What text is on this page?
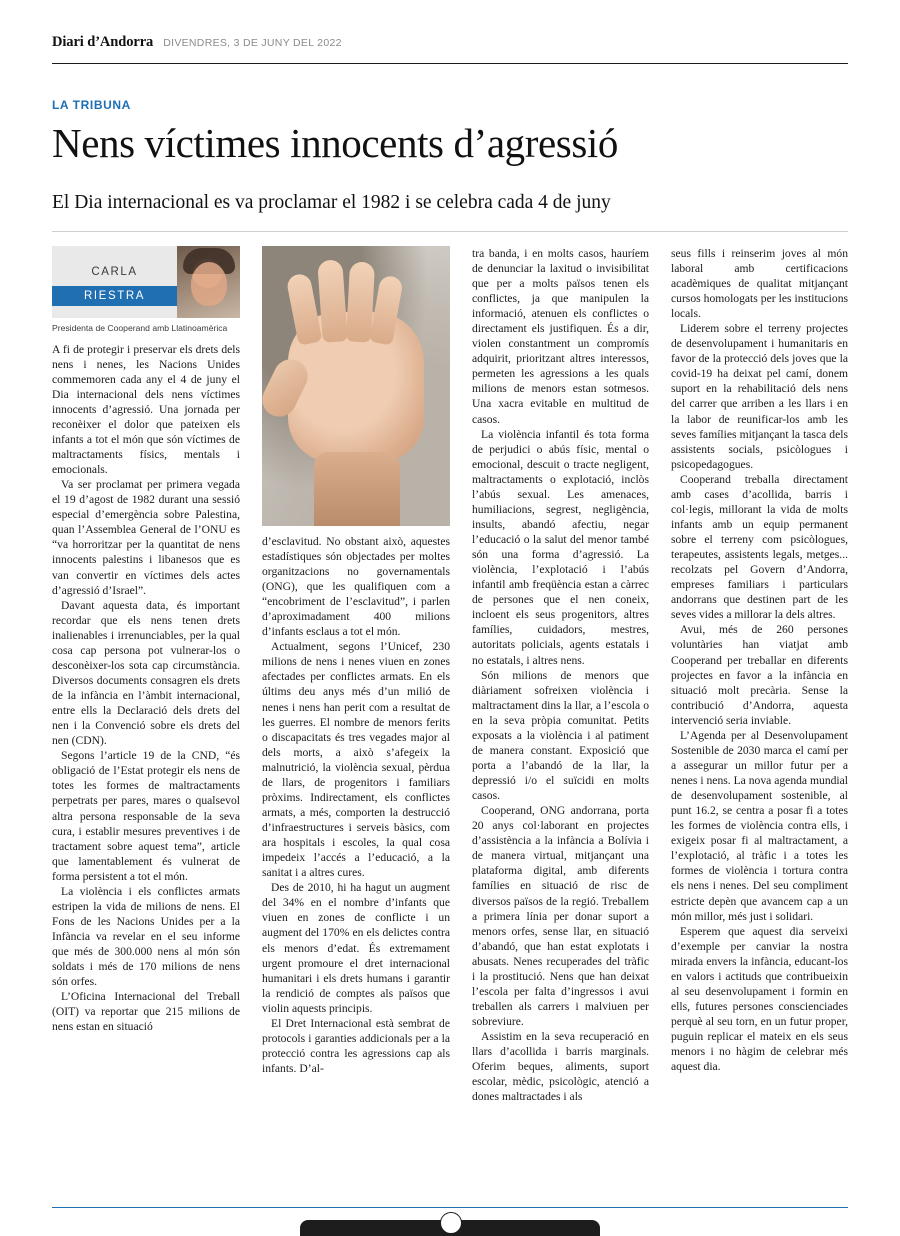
Diari d’Andorra DIVENDRES, 3 DE JUNY DEL 2022
LA TRIBUNA
Nens víctimes innocents d’agressió
El Dia internacional es va proclamar el 1982 i se celebra cada 4 de juny
CARLA
RIESTRA
Presidenta de Cooperand amb Llatinoamèrica

A fi de protegir i preservar els drets dels nens i nenes, les Nacions Unides commemoren cada any el 4 de juny el Dia internacional dels nens víctimes innocents d’agressió. Una jornada per reconèixer el dolor que pateixen els infants a tot el món que són víctimes de maltractaments físics, mentals i emocionals.

Va ser proclamat per primera vegada el 19 d’agost de 1982 durant una sessió especial d’emergència sobre Palestina, quan l’Assemblea General de l’ONU es “va horroritzar per la quantitat de nens innocents palestins i libanesos que es van convertir en víctimes dels actes d’agressió d’Israel”.

Davant aquesta data, és important recordar que els nens tenen drets inalienables i irrenunciables, per la qual cosa cap persona pot vulnerar-los o desconèixer-los sota cap circumstància. Diversos documents consagren els drets de la infància en l’àmbit internacional, entre ells la Declaració dels drets del nen i la Convenció sobre els drets del nen (CDN).

Segons l’article 19 de la CND, “és obligació de l’Estat protegir els nens de totes les formes de maltractaments perpetrats per pares, mares o qualsevol altra persona responsable de la seva cura, i establir mesures preventives i de tractament sobre aquest tema”, article que lamentablement és vulnerat de forma persistent a tot el món.

La violència i els conflictes armats estripen la vida de milions de nens. El Fons de les Nacions Unides per a la Infància va revelar en el seu informe que més de 300.000 nens al món són soldats i més de 170 milions de nens són orfes.

L’Oficina Internacional del Treball (OIT) va reportar que 215 milions de nens estan en situació

d’esclavitud. No obstant això, aquestes estadístiques són objectades per moltes organitzacions no governamentals (ONG), que les qualifiquen com a “encobriment de l’esclavitud”, i parlen d’aproximadament 400 milions d’infants esclaus a tot el món.

Actualment, segons l’Unicef, 230 milions de nens i nenes viuen en zones afectades per conflictes armats. En els últims deu anys més d’un milió de nenes i nens han perit com a resultat de les guerres. El nombre de menors ferits o discapacitats és tres vegades major al dels morts, a això s’afegeix la malnutrició, la violència sexual, pèrdua de llars, de progenitors i familiars pròxims. Indirectament, els conflictes armats, a més, comporten la destrucció d’infraestructures i serveis bàsics, com ara hospitals i escoles, la qual cosa impedeix l’accés a l’educació, a la sanitat i a altres cures.

Des de 2010, hi ha hagut un augment del 34% en el nombre d’infants que viuen en zones de conflicte i un augment del 170% en els delictes contra els menors d’edat. És extremament urgent promoure el dret internacional humanitari i els drets humans i garantir la rendició de comptes als països que violin aquests principis.

El Dret Internacional està sembrat de protocols i garanties addicionals per a la protecció contra les agressions cap als infants. D’al-

tra banda, i en molts casos, hauríem de denunciar la laxitud o invisibilitat que per a molts països tenen els conflictes, ja que manipulen la informació, atenuen els conflictes o directament els justifiquen. És a dir, violen constantment un compromís adquirit, prioritzant altres interessos, permeten les agressions a les quals milions de menors estan sotmesos. Una xacra evitable en multitud de casos.

La violència infantil és tota forma de perjudici o abús físic, mental o emocional, descuit o tracte negligent, maltractaments o explotació, inclòs l’abús sexual. Les amenaces, humiliacions, segrest, negligència, insults, abandó afectiu, negar l’educació o la salut del menor també són una forma d’agressió. La violència, l’explotació i l’abús infantil amb freqüència estan a càrrec de persones que el nen coneix, incloent els seus progenitors, altres famílies, cuidadors, mestres, autoritats policials, agents estatals i no estatals, i altres nens.

Són milions de menors que diàriament sofreixen violència i maltractament dins la llar, a l’escola o en la seva pròpia comunitat. Petits exposats a la violència i al patiment de manera constant. Exposició que porta a l’abandó de la llar, la depressió i/o el suïcidi en molts casos.

Cooperand, ONG andorrana, porta 20 anys col·laborant en projectes d’assistència a la infància a Bolívia i de manera virtual, mitjançant una plataforma digital, amb diferents famílies en situació de risc de diversos països de la regió. Treballem a primera línia per donar suport a menors orfes, sense llar, en situació d’abandó, que han estat explotats i abusats. Nenes recuperades del tràfic i la prostitució. Nens que han deixat l’escola per falta d’ingressos i avui treballen als carrers i malviuen per sobreviure.

Assistim en la seva recuperació en llars d’acollida i barris marginals. Oferim beques, aliments, suport escolar, mèdic, psicològic, atenció a dones maltractades i als

seus fills i reinserim joves al món laboral amb certificacions acadèmiques de qualitat mitjançant cursos homologats per les institucions locals.

Liderem sobre el terreny projectes de desenvolupament i humanitaris en favor de la protecció dels joves que la covid-19 ha deixat pel camí, donem suport en la rehabilitació dels nens del carrer que arriben a les llars i en la labor de reunificar-los amb les seves famílies mitjançant la tasca dels assistents socials, psicòlogues i psicopedagogues.

Cooperand treballa directament amb cases d’acollida, barris i col·legis, millorant la vida de molts infants amb un equip permanent sobre el terreny com psicòlogues, terapeutes, assistents legals, metges... recolzats pel Govern d’Andorra, empreses familiars i particulars andorrans que destinen part de les seves vides a millorar la dels altres.

Avui, més de 260 persones voluntàries han viatjat amb Cooperand per treballar en diferents projectes en favor a la infància en situació molt precària. Sense la contribució d’Andorra, aquesta intervenció seria inviable.

L’Agenda per al Desenvolupament Sostenible de 2030 marca el camí per a assegurar un millor futur per a nenes i nens. La nova agenda mundial de desenvolupament sostenible, al punt 16.2, se centra a posar fi a totes les formes de violència contra ells, i exigeix posar fi al maltractament, a l’explotació, al tràfic i a totes les formes de violència i tortura contra els nens i nenes. Del seu compliment estricte depèn que avancem cap a un món millor, més just i solidari.

Esperem que aquest dia serveixi d’exemple per canviar la nostra mirada envers la infància, educant-los en valors i actituds que contribueixin al seu desenvolupament i formin en ells, futures persones conscienciades perquè al seu torn, en un futur proper, puguin replicar el mateix en els seus menors i no hàgim de celebrar més aquest dia.
